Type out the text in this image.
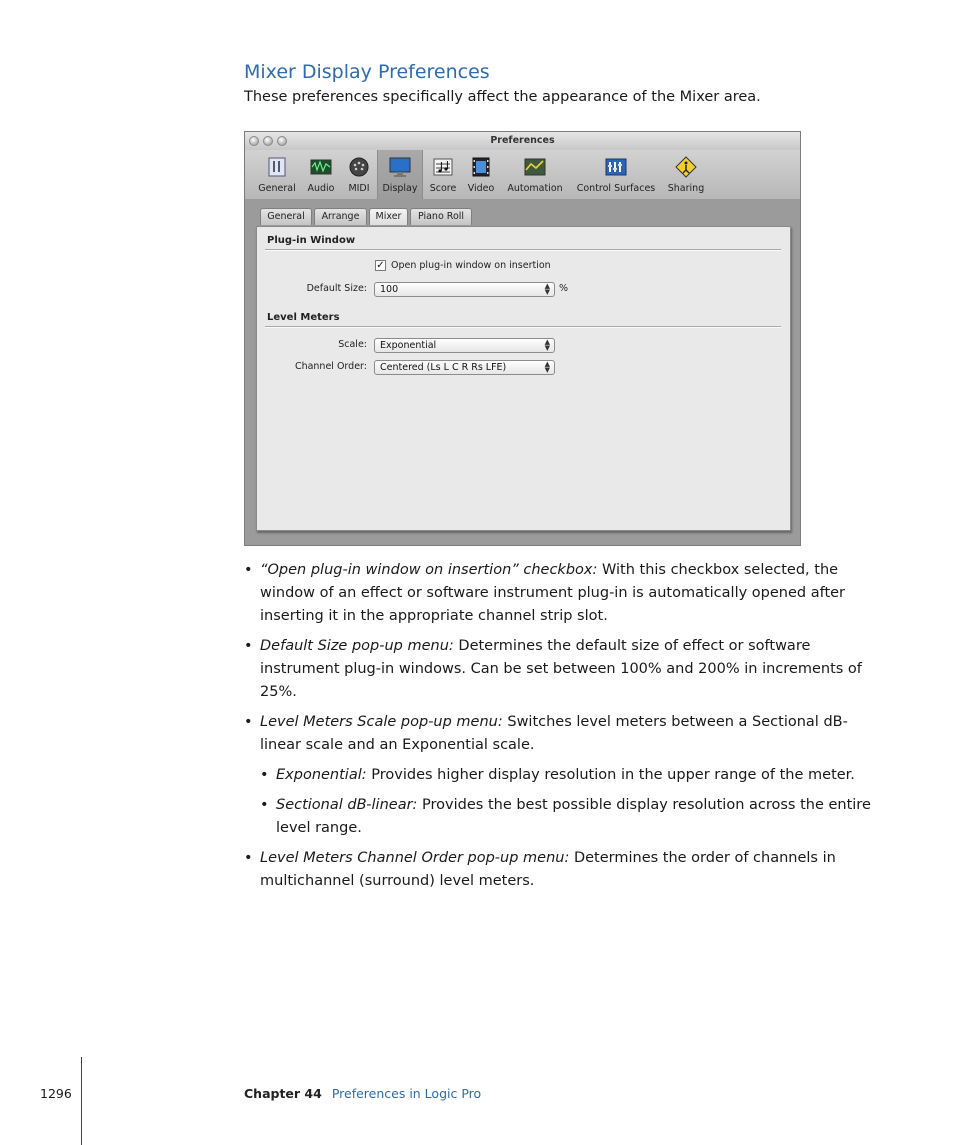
Mixer Display Preferences
These preferences specifically affect the appearance of the Mixer area.
Preferences
General	Audio	MIDI	Display	Score	Video	Automation	Control Surfaces	Sharing
General	Arrange	Mixer	Piano Roll
Plug-in Window
✓ Open plug-in window on insertion
Default Size:	100	▲
▼ %
Level Meters
Scale:	Exponential	▲
▼
Channel Order:	Centered (Ls L C R Rs LFE)	▲
▼
• “Open plug-in window on insertion” checkbox: With this checkbox selected, the window of an effect or software instrument plug-in is automatically opened after inserting it in the appropriate channel strip slot.
• Default Size pop-up menu: Determines the default size of effect or software instrument plug-in windows. Can be set between 100% and 200% in increments of 25%.
• Level Meters Scale pop-up menu: Switches level meters between a Sectional dB-linear scale and an Exponential scale.
• Exponential: Provides higher display resolution in the upper range of the meter.
• Sectional dB-linear: Provides the best possible display resolution across the entire level range.
• Level Meters Channel Order pop-up menu: Determines the order of channels in multichannel (surround) level meters.
1296	Chapter 44 Preferences in Logic Pro
